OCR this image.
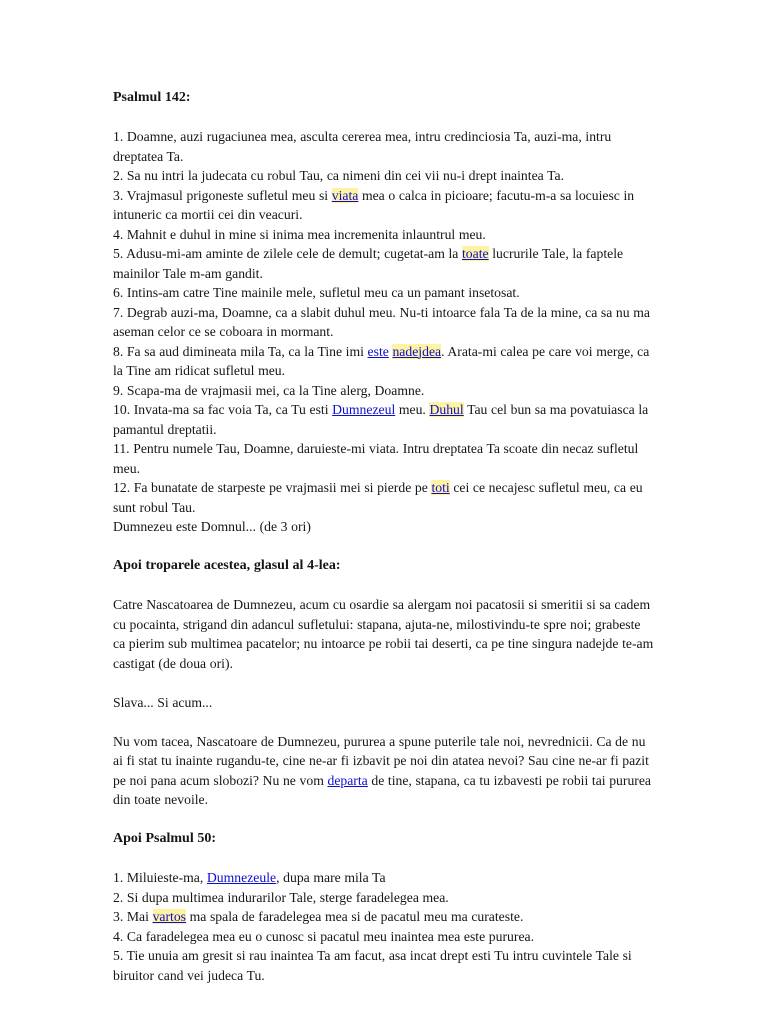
Psalmul 142:

1. Doamne, auzi rugaciunea mea, asculta cererea mea, intru credinciosia Ta, auzi-ma, intru dreptatea Ta.

2. Sa nu intri la judecata cu robul Tau, ca nimeni din cei vii nu-i drept inaintea Ta.

3. Vrajmasul prigoneste sufletul meu si viata mea o calca in picioare; facutu-m-a sa locuiesc in intuneric ca mortii cei din veacuri.

4. Mahnit e duhul in mine si inima mea incremenita inlauntrul meu.

5. Adusu-mi-am aminte de zilele cele de demult; cugetat-am la toate lucrurile Tale, la faptele mainilor Tale m-am gandit.

6. Intins-am catre Tine mainile mele, sufletul meu ca un pamant insetosat.

7. Degrab auzi-ma, Doamne, ca a slabit duhul meu. Nu-ti intoarce fala Ta de la mine, ca sa nu ma aseman celor ce se coboara in mormant.

8. Fa sa aud dimineata mila Ta, ca la Tine imi este nadejdea. Arata-mi calea pe care voi merge, ca la Tine am ridicat sufletul meu.

9. Scapa-ma de vrajmasii mei, ca la Tine alerg, Doamne.

10. Invata-ma sa fac voia Ta, ca Tu esti Dumnezeul meu. Duhul Tau cel bun sa ma povatuiasca la pamantul dreptatii.

11. Pentru numele Tau, Doamne, daruieste-mi viata. Intru dreptatea Ta scoate din necaz sufletul meu.

12. Fa bunatate de starpeste pe vrajmasii mei si pierde pe toti cei ce necajesc sufletul meu, ca eu sunt robul Tau.

Dumnezeu este Domnul... (de 3 ori)

Apoi troparele acestea, glasul al 4-lea:

Catre Nascatoarea de Dumnezeu, acum cu osardie sa alergam noi pacatosii si smeritii si sa cadem cu pocainta, strigand din adancul sufletului: stapana, ajuta-ne, milostivindu-te spre noi; grabeste ca pierim sub multimea pacatelor; nu intoarce pe robii tai deserti, ca pe tine singura nadejde te-am castigat (de doua ori).

Slava... Si acum...

Nu vom tacea, Nascatoare de Dumnezeu, pururea a spune puterile tale noi, nevrednicii. Ca de nu ai fi stat tu inainte rugandu-te, cine ne-ar fi izbavit pe noi din atatea nevoi? Sau cine ne-ar fi pazit pe noi pana acum slobozi? Nu ne vom departa de tine, stapana, ca tu izbavesti pe robii tai pururea din toate nevoile.

Apoi Psalmul 50:

1. Miluieste-ma, Dumnezeule, dupa mare mila Ta

2. Si dupa multimea indurarilor Tale, sterge faradelegea mea.

3. Mai vartos ma spala de faradelegea mea si de pacatul meu ma curateste.

4. Ca faradelegea mea eu o cunosc si pacatul meu inaintea mea este pururea.

5. Tie unuia am gresit si rau inaintea Ta am facut, asa incat drept esti Tu intru cuvintele Tale si biruitor cand vei judeca Tu.
